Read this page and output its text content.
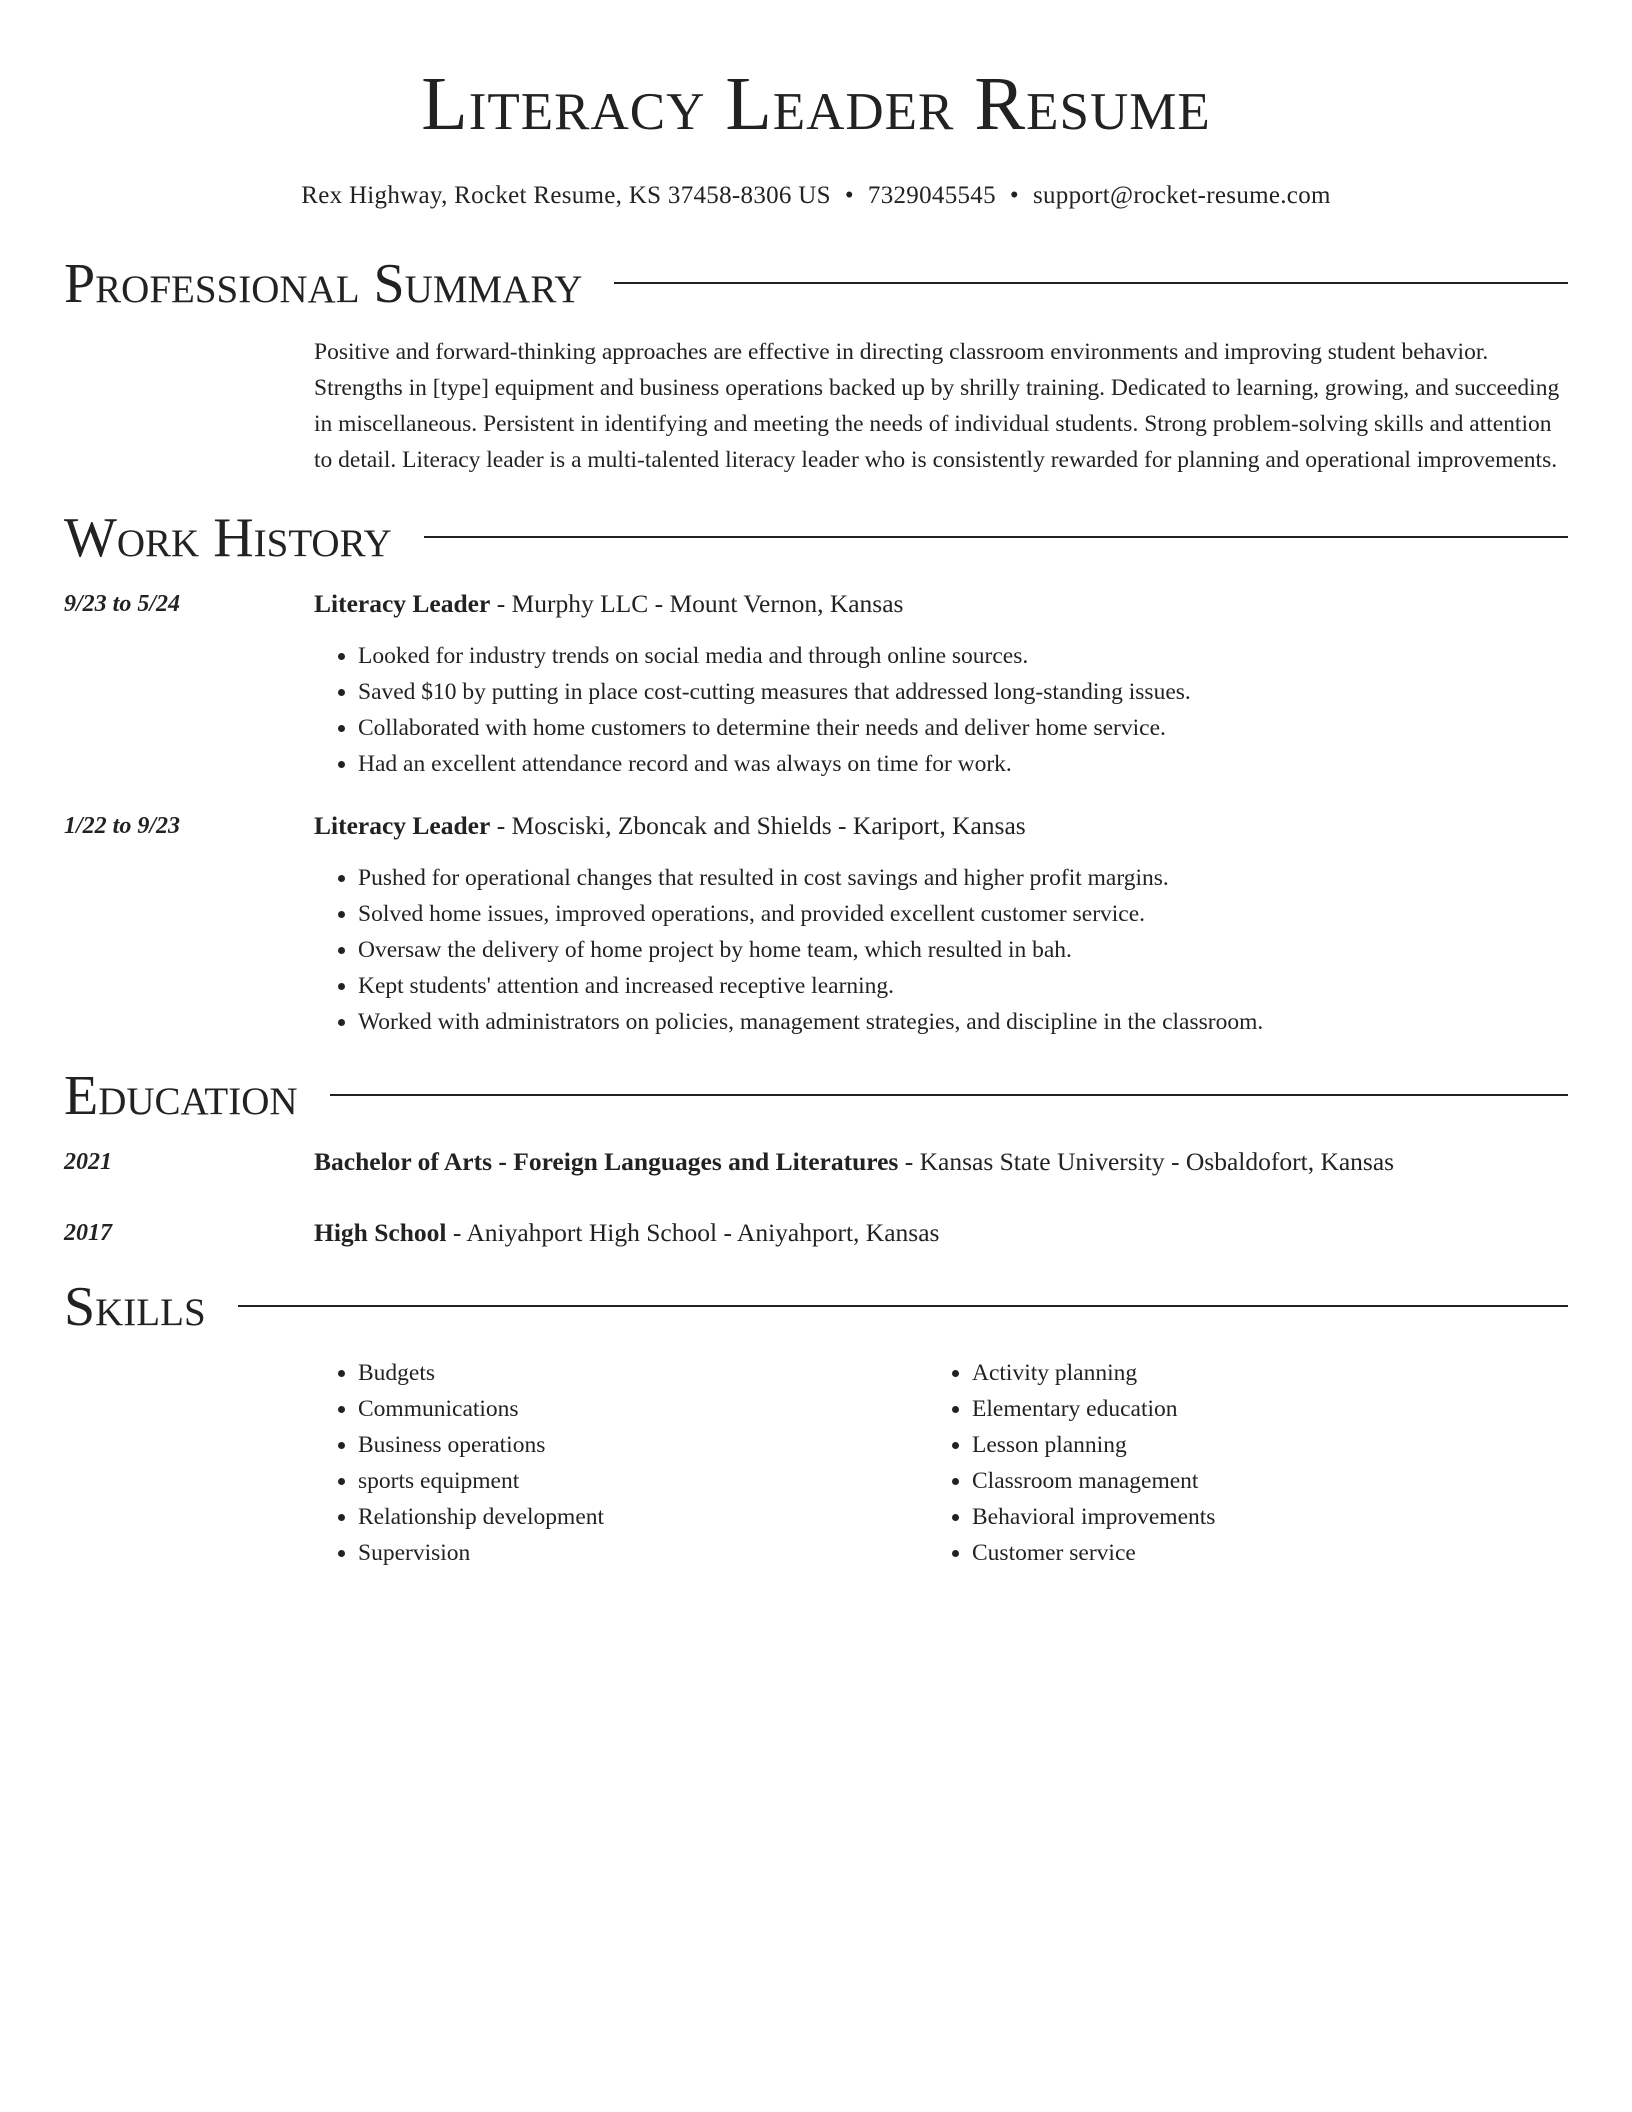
Literacy Leader Resume
Rex Highway, Rocket Resume, KS 37458-8306 US • 7329045545 • support@rocket-resume.com
Professional Summary
Positive and forward-thinking approaches are effective in directing classroom environments and improving student behavior. Strengths in [type] equipment and business operations backed up by shrilly training. Dedicated to learning, growing, and succeeding in miscellaneous. Persistent in identifying and meeting the needs of individual students. Strong problem-solving skills and attention to detail. Literacy leader is a multi-talented literacy leader who is consistently rewarded for planning and operational improvements.
Work History
9/23 to 5/24	Literacy Leader - Murphy LLC - Mount Vernon, Kansas
• Looked for industry trends on social media and through online sources.
• Saved $10 by putting in place cost-cutting measures that addressed long-standing issues.
• Collaborated with home customers to determine their needs and deliver home service.
• Had an excellent attendance record and was always on time for work.
1/22 to 9/23	Literacy Leader - Mosciski, Zboncak and Shields - Kariport, Kansas
• Pushed for operational changes that resulted in cost savings and higher profit margins.
• Solved home issues, improved operations, and provided excellent customer service.
• Oversaw the delivery of home project by home team, which resulted in bah.
• Kept students' attention and increased receptive learning.
• Worked with administrators on policies, management strategies, and discipline in the classroom.
Education
2021	Bachelor of Arts - Foreign Languages and Literatures - Kansas State University - Osbaldofort, Kansas
2017	High School - Aniyahport High School - Aniyahport, Kansas
Skills
• Budgets
• Communications
• Business operations
• sports equipment
• Relationship development
• Supervision
• Activity planning
• Elementary education
• Lesson planning
• Classroom management
• Behavioral improvements
• Customer service
